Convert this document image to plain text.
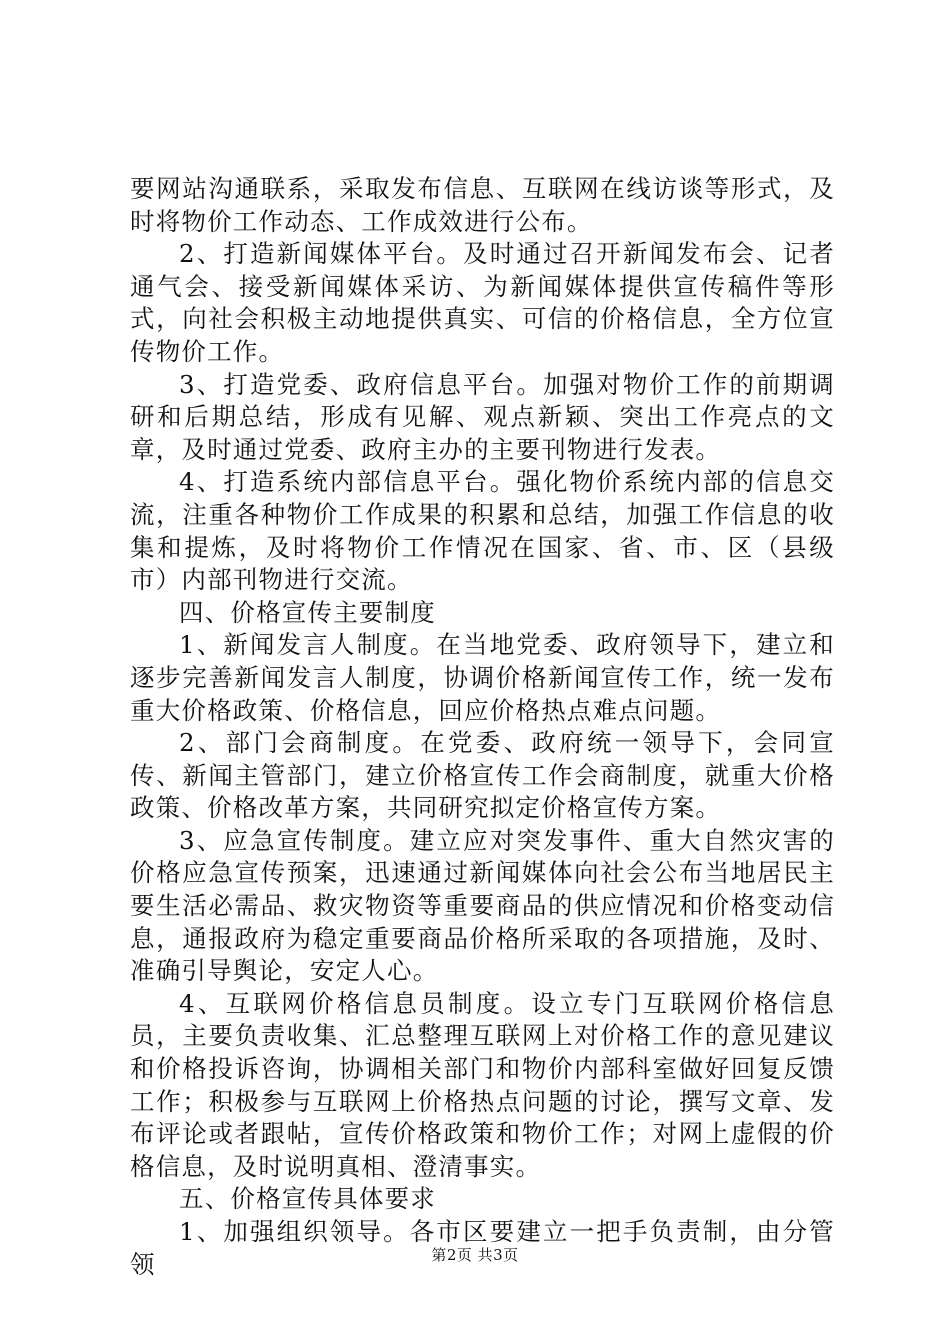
要网站沟通联系，采取发布信息、互联网在线访谈等形式，及时将物价工作动态、工作成效进行公布。

2、打造新闻媒体平台。及时通过召开新闻发布会、记者通气会、接受新闻媒体采访、为新闻媒体提供宣传稿件等形式，向社会积极主动地提供真实、可信的价格信息，全方位宣传物价工作。

3、打造党委、政府信息平台。加强对物价工作的前期调研和后期总结，形成有见解、观点新颖、突出工作亮点的文章，及时通过党委、政府主办的主要刊物进行发表。

4、打造系统内部信息平台。强化物价系统内部的信息交流，注重各种物价工作成果的积累和总结，加强工作信息的收集和提炼，及时将物价工作情况在国家、省、市、区（县级市）内部刊物进行交流。

四、价格宣传主要制度

1、新闻发言人制度。在当地党委、政府领导下，建立和逐步完善新闻发言人制度，协调价格新闻宣传工作，统一发布重大价格政策、价格信息，回应价格热点难点问题。

2、部门会商制度。在党委、政府统一领导下，会同宣传、新闻主管部门，建立价格宣传工作会商制度，就重大价格政策、价格改革方案，共同研究拟定价格宣传方案。

3、应急宣传制度。建立应对突发事件、重大自然灾害的价格应急宣传预案，迅速通过新闻媒体向社会公布当地居民主要生活必需品、救灾物资等重要商品的供应情况和价格变动信息，通报政府为稳定重要商品价格所采取的各项措施，及时、准确引导舆论，安定人心。

4、互联网价格信息员制度。设立专门互联网价格信息员，主要负责收集、汇总整理互联网上对价格工作的意见建议和价格投诉咨询，协调相关部门和物价内部科室做好回复反馈工作；积极参与互联网上价格热点问题的讨论，撰写文章、发布评论或者跟帖，宣传价格政策和物价工作；对网上虚假的价格信息，及时说明真相、澄清事实。

五、价格宣传具体要求

1、加强组织领导。各市区要建立一把手负责制，由分管领	第2页 共3页
